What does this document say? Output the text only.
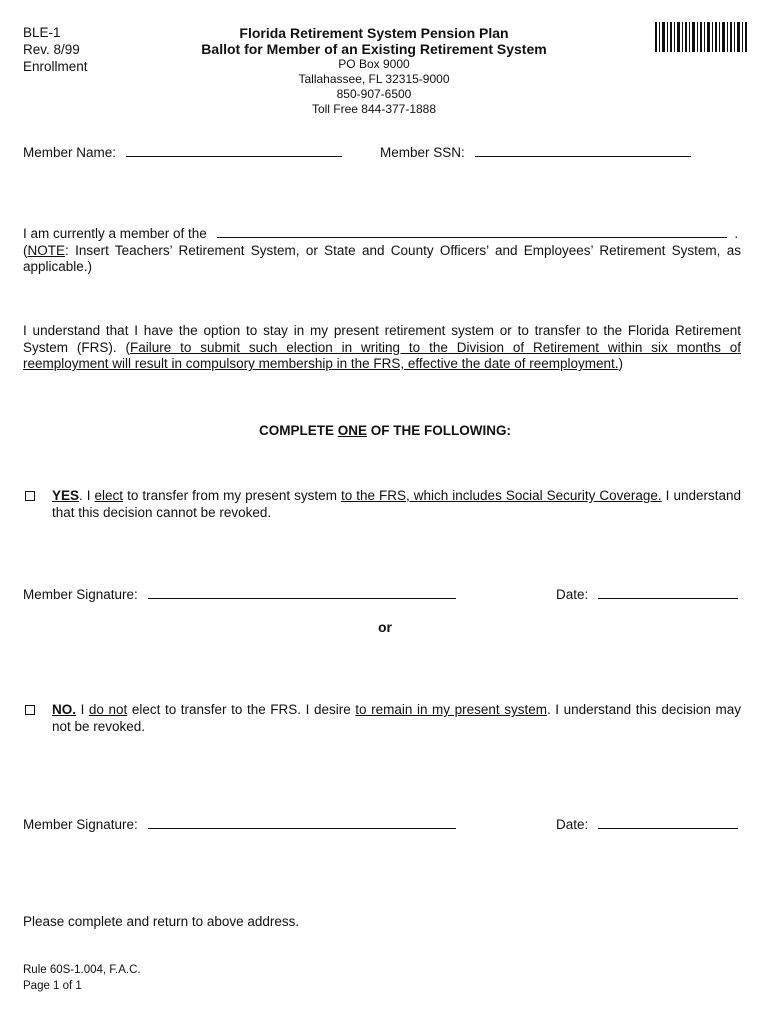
BLE-1
Rev. 8/99
Enrollment
Florida Retirement System Pension Plan
Ballot for Member of an Existing Retirement System
PO Box 9000
Tallahassee, FL 32315-9000
850-907-6500
Toll Free 844-377-1888
Member Name:	Member SSN:
I am currently a member of the	.
(NOTE: Insert Teachers’ Retirement System, or State and County Officers’ and Employees’ Retirement System, as applicable.)
I understand that I have the option to stay in my present retirement system or to transfer to the Florida Retirement System (FRS). (Failure to submit such election in writing to the Division of Retirement within six months of reemployment will result in compulsory membership in the FRS, effective the date of reemployment.)
COMPLETE ONE OF THE FOLLOWING:
YES. I elect to transfer from my present system to the FRS, which includes Social Security Coverage. I understand that this decision cannot be revoked.
Member Signature:	Date:
or
NO. I do not elect to transfer to the FRS. I desire to remain in my present system. I understand this decision may not be revoked.
Member Signature:	Date:
Please complete and return to above address.
Rule 60S-1.004, F.A.C.
Page 1 of 1
